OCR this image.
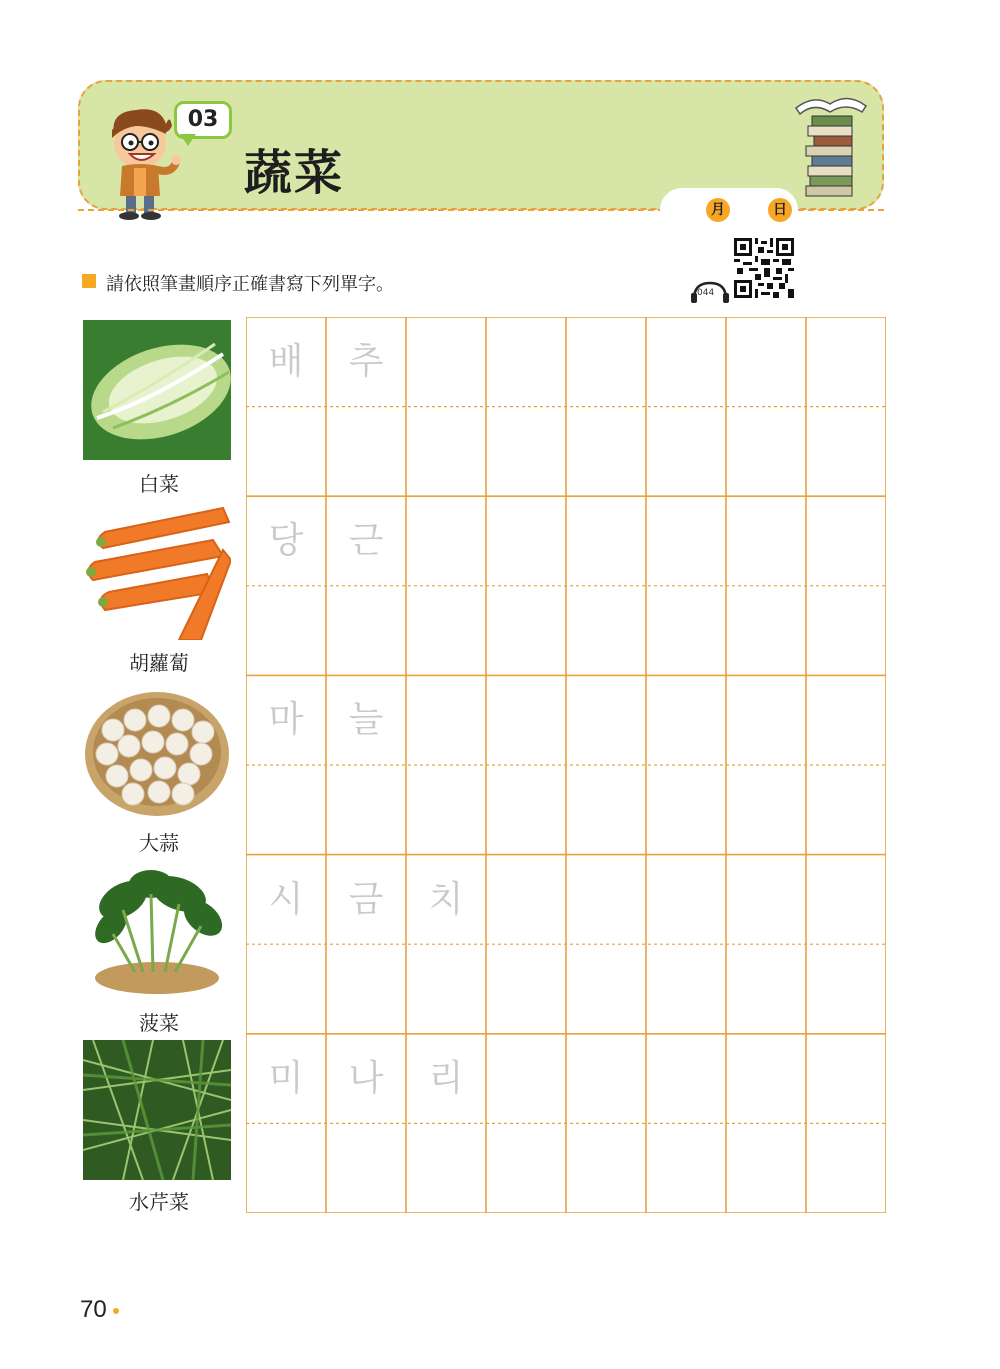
03
蔬菜
月	日
請依照筆畫順序正確書寫下列單字。	044
白菜
胡蘿蔔
大蒜
菠菜
水芹菜
배	추
당	근
마	늘
시	금	치
미	나	리
70
